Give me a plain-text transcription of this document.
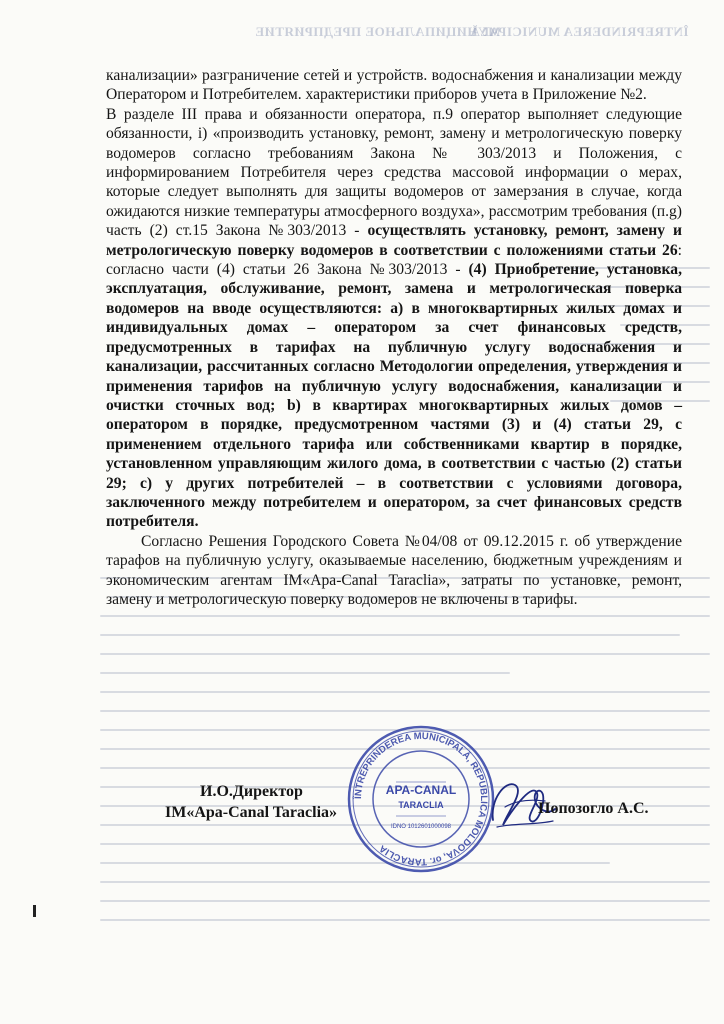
МУНИЦИПАЛЬНОЕ ПРЕДПРИЯТИЕ
ÎNTREPRINDEREA MUNICIPALĂ

канализации» разграничение сетей и устройств. водоснабжения и канализации между Оператором и Потребителем. характеристики приборов учета в Приложение №2.

В разделе III права и обязанности оператора, п.9 оператор выполняет следующие обязанности, i) «производить установку, ремонт, замену и метрологическую поверку водомеров согласно требованиям Закона № 303/2013 и Положения, с информированием Потребителя через средства массовой информации о мерах, которые следует выполнять для защиты водомеров от замерзания в случае, когда ожидаются низкие температуры атмосферного воздуха», рассмотрим требования (п.g) часть (2) ст.15 Закона №303/2013 - осуществлять установку, ремонт, замену и метрологическую поверку водомеров в соответствии с положениями статьи 26: согласно части (4) статьи 26 Закона №303/2013 - (4) Приобретение, установка, эксплуатация, обслуживание, ремонт, замена и метрологическая поверка водомеров на вводе осуществляются: a) в многоквартирных жилых домах и индивидуальных домах – оператором за счет финансовых средств, предусмотренных в тарифах на публичную услугу водоснабжения и канализации, рассчитанных согласно Методологии определения, утверждения и применения тарифов на публичную услугу водоснабжения, канализации и очистки сточных вод; b) в квартирах многоквартирных жилых домов – оператором в порядке, предусмотренном частями (3) и (4) статьи 29, с применением отдельного тарифа или собственниками квартир в порядке, установленном управляющим жилого дома, в соответствии с частью (2) статьи 29; c) у других потребителей – в соответствии с условиями договора, заключенного между потребителем и оператором, за счет финансовых средств потребителя.

Согласно Решения Городского Совета №04/08 от 09.12.2015 г. об утверждение тарафов на публичную услугу, оказываемые населению, бюджетным учреждениям и экономическим агентам IM«Apa-Canal Taraclia», затраты по установке, ремонт, замену и метрологическую поверку водомеров не включены в тарифы.

ÎNTREPRINDEREA MUNICIPALĂ, REPUBLICA MOLDOVA, or. TARACLIA
APA-CANAL
TARACLIA
IDNO 1012601000098
И.О.Директор
IM«Apa-Canal Taraclia»	Попозогло А.С.
